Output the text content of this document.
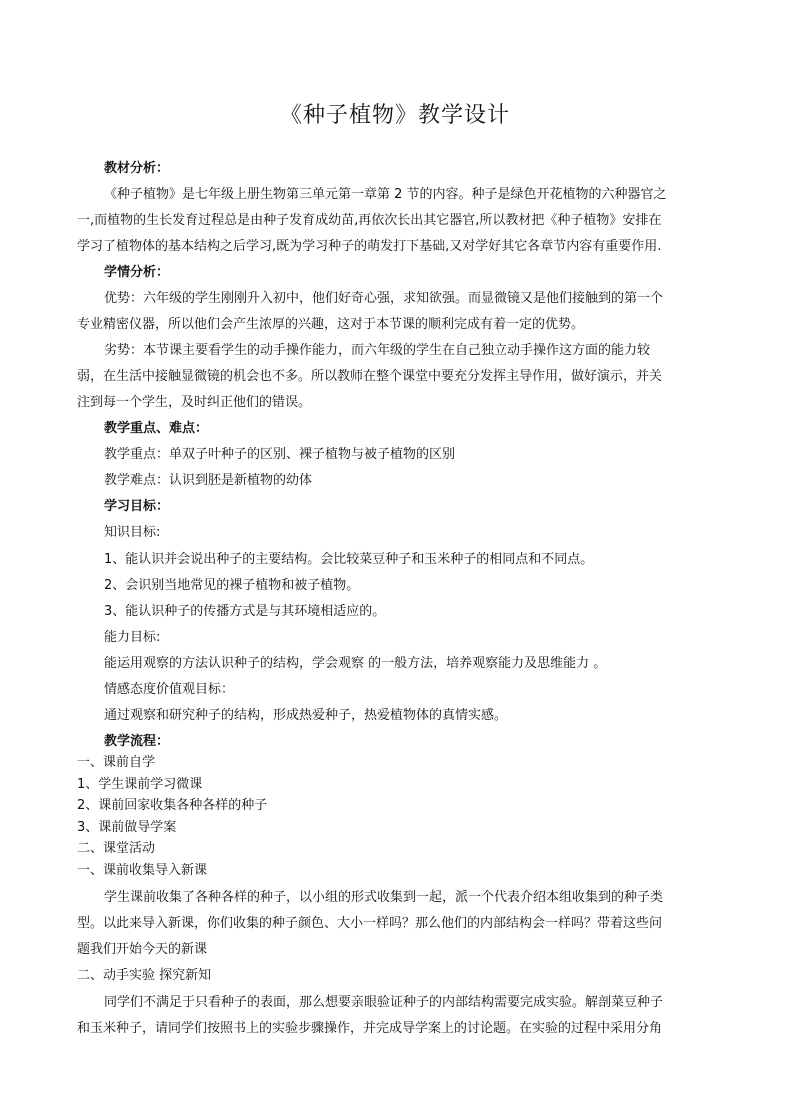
《种子植物》教学设计
教材分析：
《种子植物》是七年级上册生物第三单元第一章第 2 节的内容。种子是绿色开花植物的六种器官之
一,而植物的生长发育过程总是由种子发育成幼苗,再依次长出其它器官,所以教材把《种子植物》安排在
学习了植物体的基本结构之后学习,既为学习种子的萌发打下基础,又对学好其它各章节内容有重要作用.
学情分析：
优势：六年级的学生刚刚升入初中，他们好奇心强，求知欲强。而显微镜又是他们接触到的第一个
专业精密仪器，所以他们会产生浓厚的兴趣，这对于本节课的顺利完成有着一定的优势。
劣势：本节课主要看学生的动手操作能力，而六年级的学生在自己独立动手操作这方面的能力较
弱，在生活中接触显微镜的机会也不多。所以教师在整个课堂中要充分发挥主导作用，做好演示，并关
注到每一个学生，及时纠正他们的错误。
教学重点、难点：
教学重点：单双子叶种子的区别、裸子植物与被子植物的区别
教学难点：认识到胚是新植物的幼体
学习目标：
知识目标:
1、能认识并会说出种子的主要结构。会比较菜豆种子和玉米种子的相同点和不同点。
2、会识别当地常见的裸子植物和被子植物。
3、能认识种子的传播方式是与其环境相适应的。
能力目标:
能运用观察的方法认识种子的结构，学会观察 的一般方法，培养观察能力及思维能力 。
情感态度价值观目标：
通过观察和研究种子的结构，形成热爱种子，热爱植物体的真情实感。
教学流程：
一、课前自学
1、学生课前学习微课
2、课前回家收集各种各样的种子
3、课前做导学案
二、课堂活动
一、课前收集导入新课
学生课前收集了各种各样的种子，以小组的形式收集到一起，派一个代表介绍本组收集到的种子类
型。以此来导入新课，你们收集的种子颜色、大小一样吗？那么他们的内部结构会一样吗？带着这些问
题我们开始今天的新课
二、动手实验 探究新知
同学们不满足于只看种子的表面，那么想要亲眼验证种子的内部结构需要完成实验。解剖菜豆种子
和玉米种子，请同学们按照书上的实验步骤操作，并完成导学案上的讨论题。在实验的过程中采用分角
